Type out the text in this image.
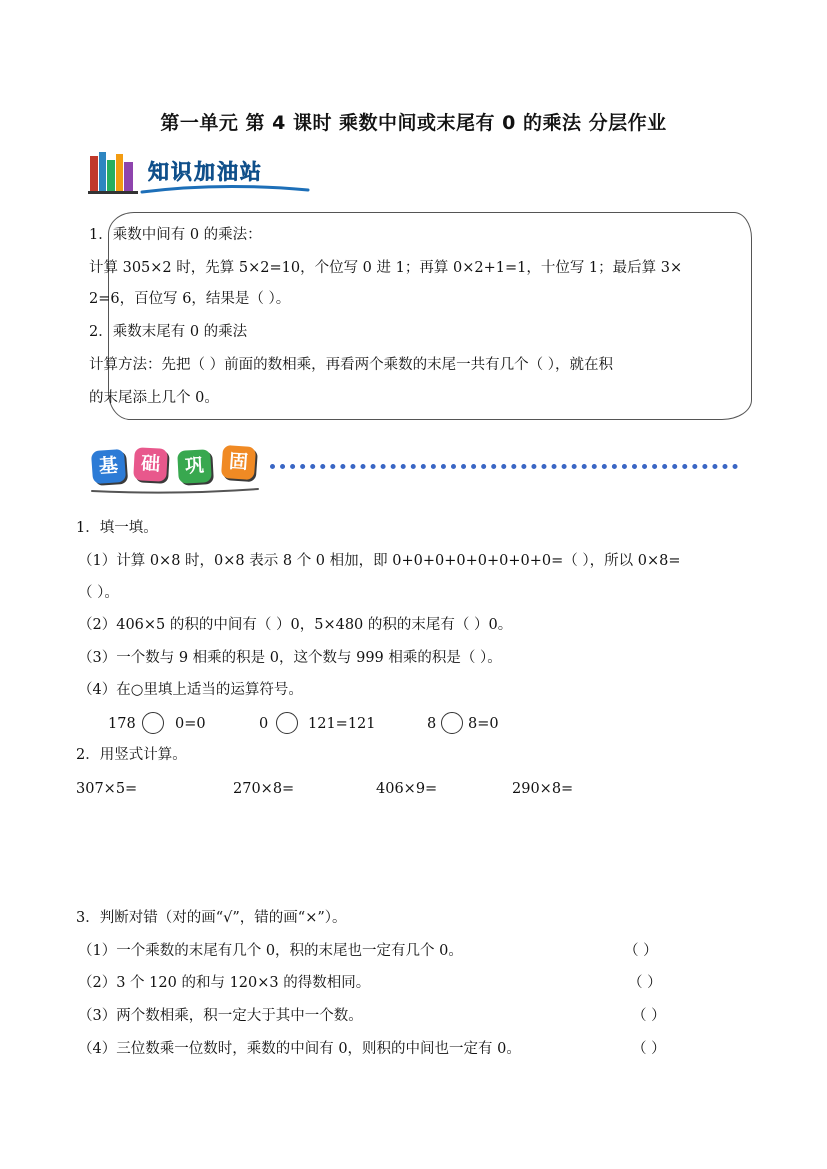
第一单元 第 4 课时 乘数中间或末尾有 0 的乘法 分层作业
知识加油站
1．乘数中间有 0 的乘法：
计算 305×2 时，先算 5×2=10，个位写 0 进 1；再算 0×2+1=1，十位写 1；最后算 3×
2=6，百位写 6，结果是（ ）。
2．乘数末尾有 0 的乘法
计算方法：先把（ ）前面的数相乘，再看两个乘数的末尾一共有几个（ ），就在积
的末尾添上几个 0。
基	础	巩	固
1．填一填。
（1）计算 0×8 时，0×8 表示 8 个 0 相加，即 0+0+0+0+0+0+0+0=（ ），所以 0×8=
（ ）。
（2）406×5 的积的中间有（ ）0，5×480 的积的末尾有（ ）0。
（3）一个数与 9 相乘的积是 0，这个数与 999 相乘的积是（ ）。
（4）在○里填上适当的运算符号。
178	0=0	0	121=121	8 8=0
2．用竖式计算。
307×5=	270×8=	406×9=	290×8=
3．判断对错（对的画“√”，错的画“×”）。
（1）一个乘数的末尾有几个 0，积的末尾也一定有几个 0。	（ ）
（2）3 个 120 的和与 120×3 的得数相同。	（ ）
（3）两个数相乘，积一定大于其中一个数。	（ ）
（4）三位数乘一位数时，乘数的中间有 0，则积的中间也一定有 0。	（ ）
